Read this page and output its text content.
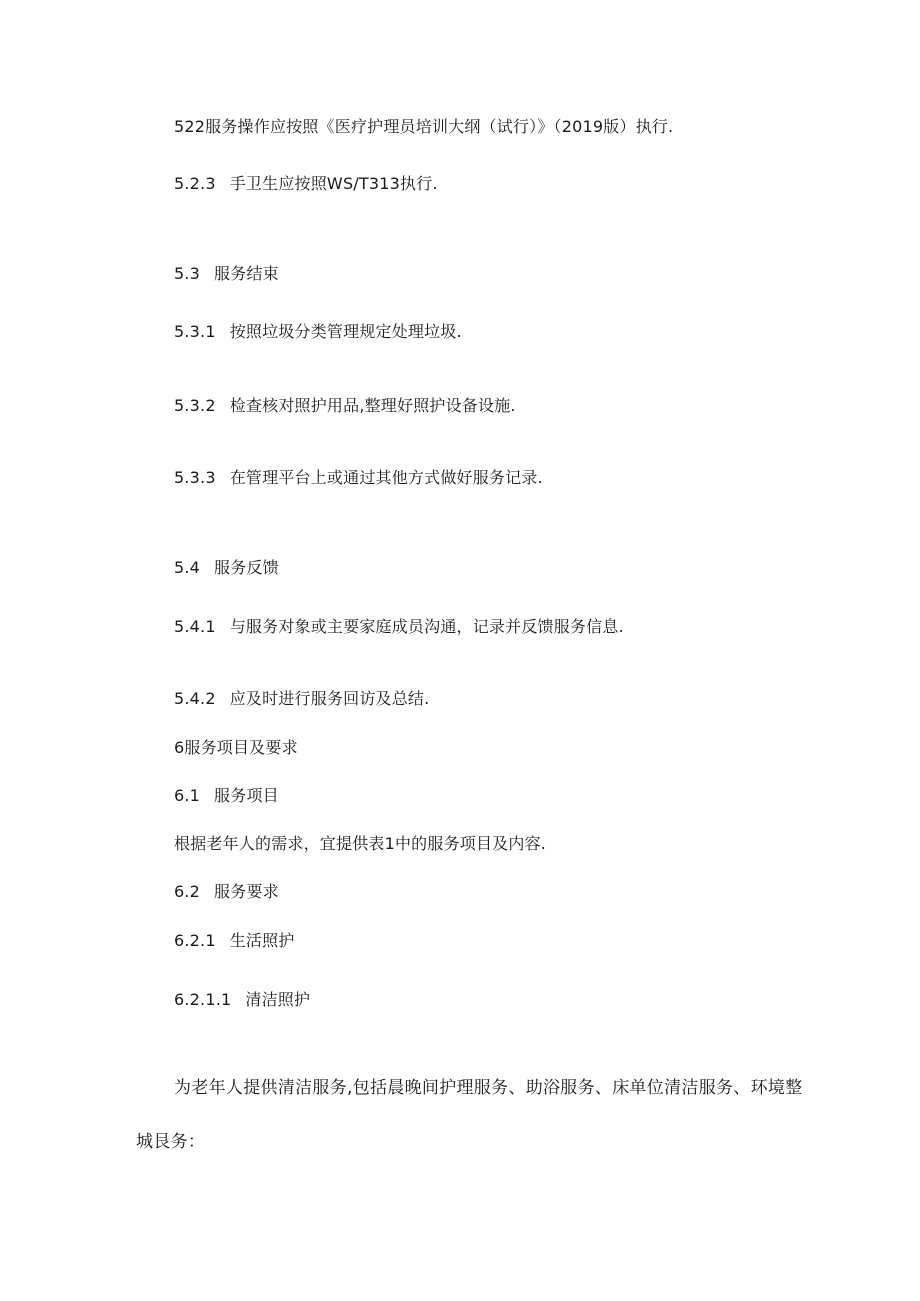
522服务操作应按照《医疗护理员培训大纲（试行）》（2019版）执行.
5.2.3 手卫生应按照WS/T313执行.
5.3 服务结束
5.3.1 按照垃圾分类管理规定处理垃圾.
5.3.2 检查核对照护用品,整理好照护设备设施.
5.3.3 在管理平台上或通过其他方式做好服务记录.
5.4 服务反馈
5.4.1 与服务对象或主要家庭成员沟通，记录并反馈服务信息.
5.4.2 应及时进行服务回访及总结.
6服务项目及要求
6.1 服务项目
根据老年人的需求，宜提供表1中的服务项目及内容.
6.2 服务要求
6.2.1 生活照护
6.2.1.1 清洁照护
为老年人提供清洁服务,包括晨晚间护理服务、助浴服务、床单位清洁服务、环境整
城艮务：
